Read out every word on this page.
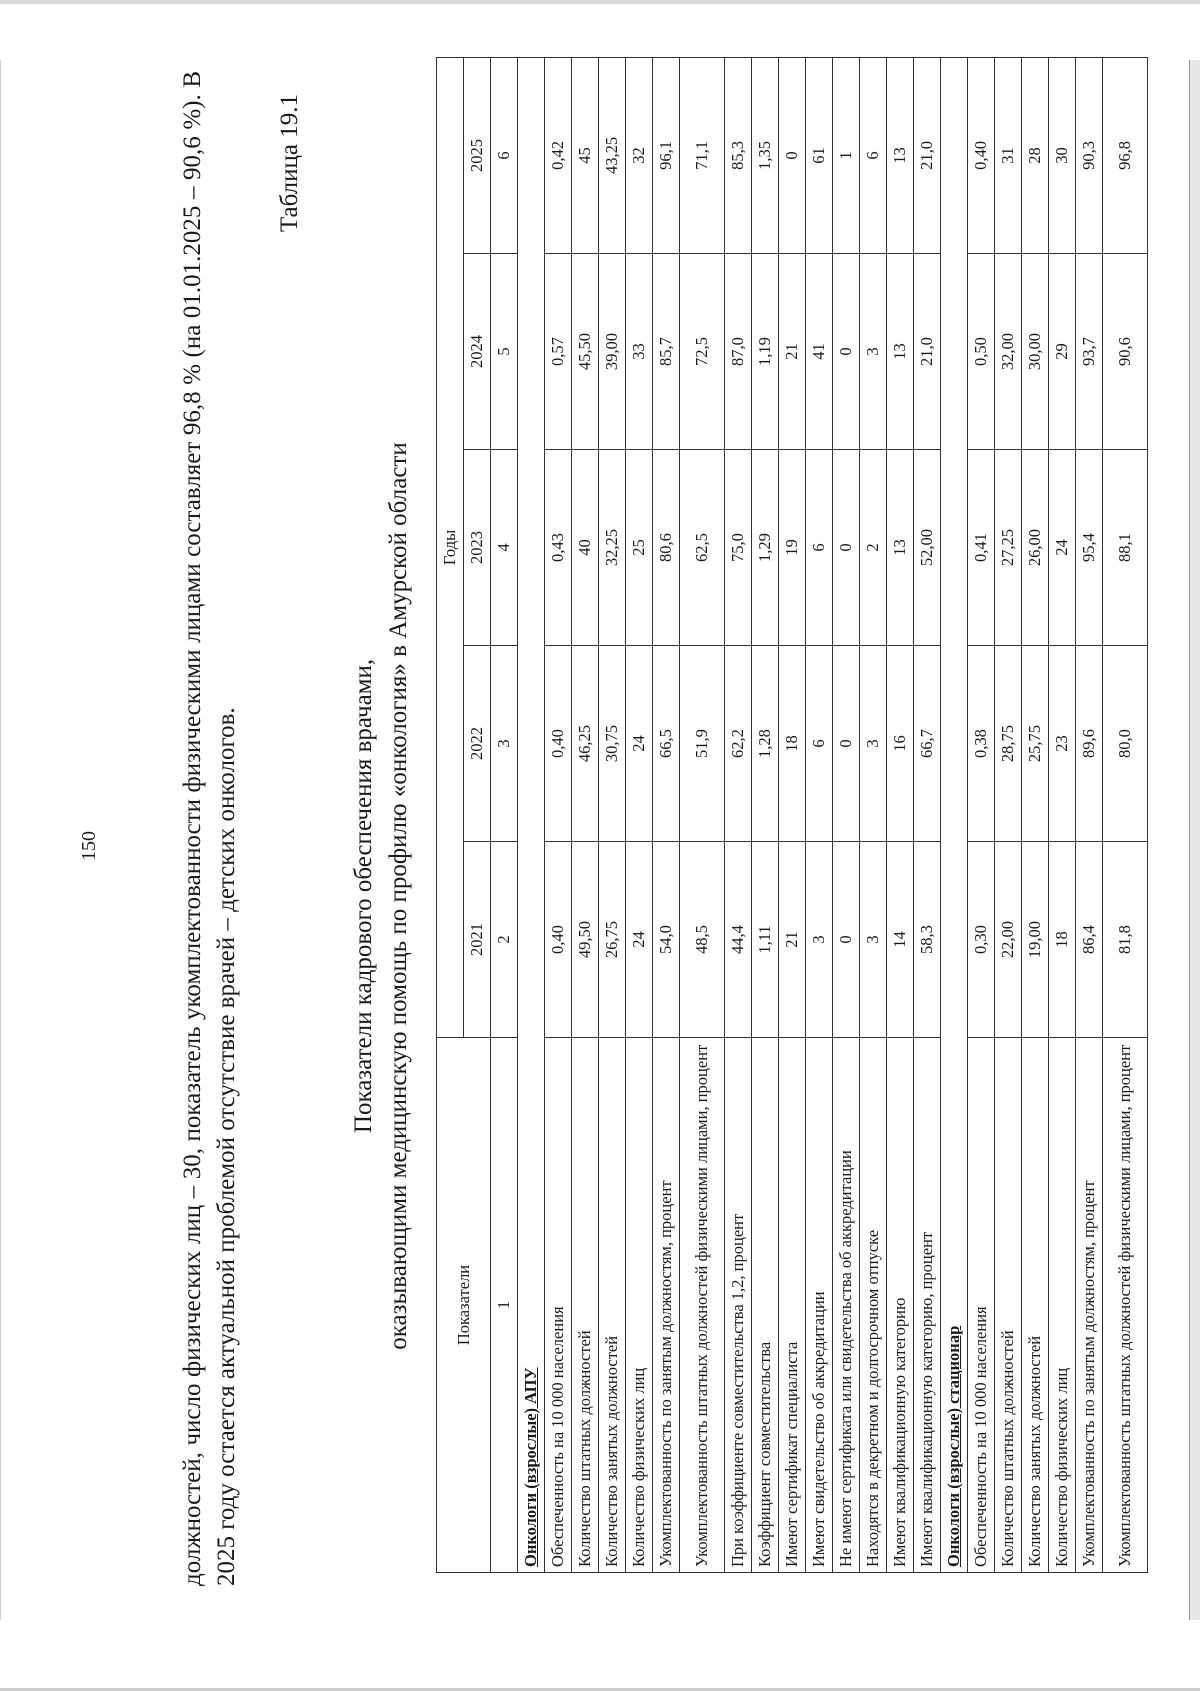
150	должностей, число физических лиц – 30, показатель укомплектованности физическими лицами составляет 96,8 % (на 01.01.2025 – 90,6 %). В 2025 году остается актуальной проблемой отсутствие врачей – детских онкологов.

Таблица 19.1
Показатели кадрового обеспечения врачами, оказывающими медицинскую помощь по профилю «онкология» в Амурской области	Показатели	Годы				
	2021	2022	2023	2024	2025
1	2	3	4	5	6
Онкологи (взрослые) АПУ					
Обеспеченность на 10 000 населения	0,40	0,40	0,43	0,57	0,42
Количество штатных должностей	49,50	46,25	40	45,50	45
Количество занятых должностей	26,75	30,75	32,25	39,00	43,25
Количество физических лиц	24	24	25	33	32
Укомплектованность по занятым должностям, процент	54,0	66,5	80,6	85,7	96,1
Укомплектованность штатных должностей физическими лицами, процент	48,5	51,9	62,5	72,5	71,1
При коэффициенте совместительства 1,2, процент	44,4	62,2	75,0	87,0	85,3
Коэффициент совместительства	1,11	1,28	1,29	1,19	1,35
Имеют сертификат специалиста	21	18	19	21	0
Имеют свидетельство об аккредитации	3	6	6	41	61
Не имеют сертификата или свидетельства об аккредитации	0	0	0	0	1
Находятся в декретном и долгосрочном отпуске	3	3	2	3	6
Имеют квалификационную категорию	14	16	13	13	13
Имеют квалификационную категорию, процент	58,3	66,7	52,00	21,0	21,0
Онкологи (взрослые) стационар					
Обеспеченность на 10 000 населения	0,30	0,38	0,41	0,50	0,40
Количество штатных должностей	22,00	28,75	27,25	32,00	31
Количество занятых должностей	19,00	25,75	26,00	30,00	28
Количество физических лиц	18	23	24	29	30
Укомплектованность по занятым должностям, процент	86,4	89,6	95,4	93,7	90,3
Укомплектованность штатных должностей физическими лицами, процент	81,8	80,0	88,1	90,6	96,8
